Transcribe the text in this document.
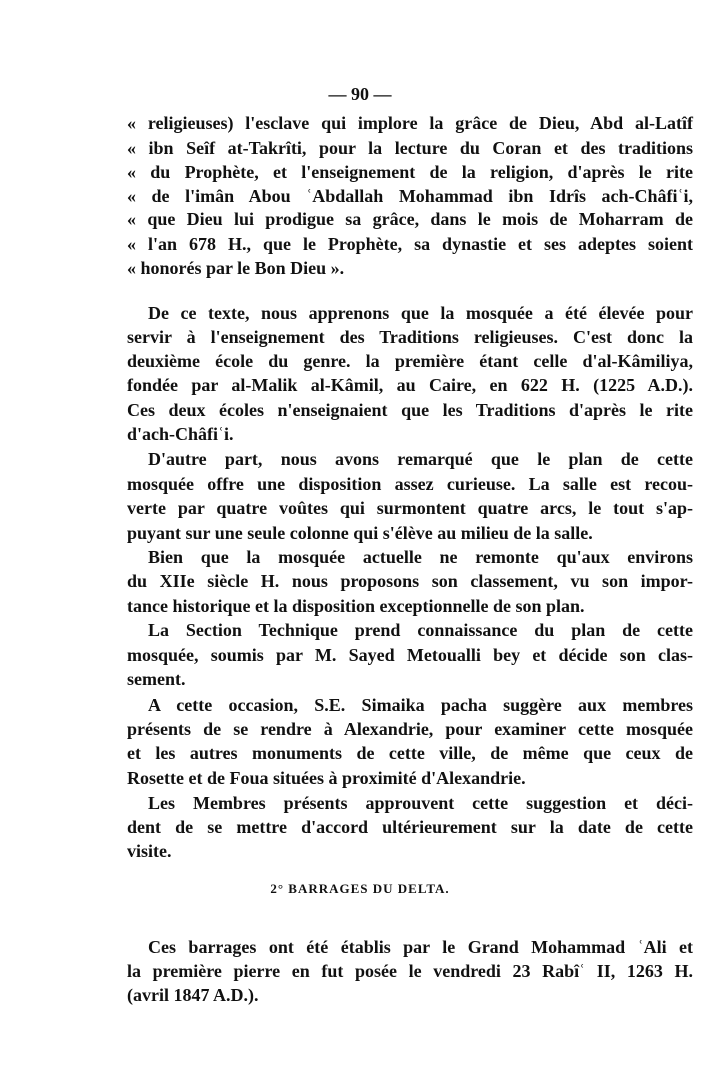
— 90 —
2° BARRAGES DU DELTA.
« religieuses) l'esclave qui implore la grâce de Dieu, Abd al-Latîf
« ibn Seîf at-Takrîti, pour la lecture du Coran et des traditions
« du Prophète, et l'enseignement de la religion, d'après le rite
« de l'imân Abou ʿAbdallah Mohammad ibn Idrîs ach-Châfiʿi,
« que Dieu lui prodigue sa grâce, dans le mois de Moharram de
« l'an 678 H., que le Prophète, sa dynastie et ses adeptes soient
« honorés par le Bon Dieu ».
De ce texte, nous apprenons que la mosquée a été élevée pour
servir à l'enseignement des Traditions religieuses. C'est donc la
deuxième école du genre. la première étant celle d'al-Kâmiliya,
fondée par al-Malik al-Kâmil, au Caire, en 622 H. (1225 A.D.).
Ces deux écoles n'enseignaient que les Traditions d'après le rite
d'ach-Châfiʿi.
D'autre part, nous avons remarqué que le plan de cette
mosquée offre une disposition assez curieuse. La salle est recou-
verte par quatre voûtes qui surmontent quatre arcs, le tout s'ap-
puyant sur une seule colonne qui s'élève au milieu de la salle.
Bien que la mosquée actuelle ne remonte qu'aux environs
du XIIe siècle H. nous proposons son classement, vu son impor-
tance historique et la disposition exceptionnelle de son plan.
La Section Technique prend connaissance du plan de cette
mosquée, soumis par M. Sayed Metoualli bey et décide son clas-
sement.
A cette occasion, S.E. Simaika pacha suggère aux membres
présents de se rendre à Alexandrie, pour examiner cette mosquée
et les autres monuments de cette ville, de même que ceux de
Rosette et de Foua situées à proximité d'Alexandrie.
Les Membres présents approuvent cette suggestion et déci-
dent de se mettre d'accord ultérieurement sur la date de cette
visite.
Ces barrages ont été établis par le Grand Mohammad ʿAli et
la première pierre en fut posée le vendredi 23 Rabîʿ II, 1263 H.
(avril 1847 A.D.).
